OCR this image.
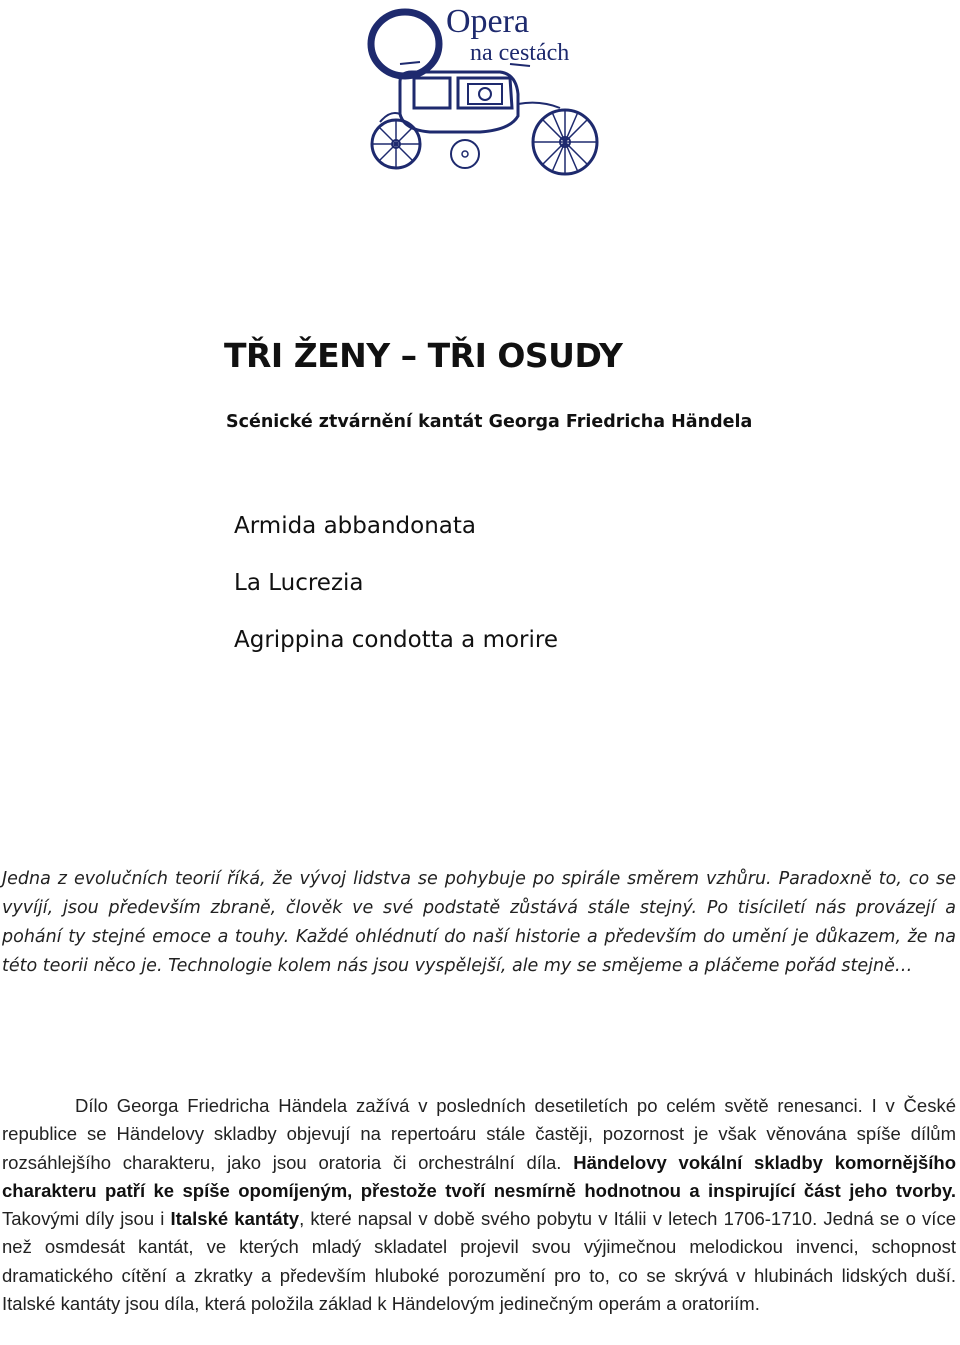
Opera
na cestách
TŘI ŽENY – TŘI OSUDY

Scénické ztvárnění kantát Georga Friedricha Händela

Armida abbandonata
La Lucrezia
Agrippina condotta a morire

Jedna z evolučních teorií říká, že vývoj lidstva se pohybuje po spirále směrem vzhůru. Paradoxně to, co se vyvíjí, jsou především zbraně, člověk ve své podstatě zůstává stále stejný. Po tisíciletí nás provázejí a pohání ty stejné emoce a touhy. Každé ohlédnutí do naší historie a především do umění je důkazem, že na této teorii něco je. Technologie kolem nás jsou vyspělejší, ale my se smějeme a pláčeme pořád stejně…

Dílo Georga Friedricha Händela zažívá v posledních desetiletích po celém světě renesanci. I v České republice se Händelovy skladby objevují na repertoáru stále častěji, pozornost je však věnována spíše dílům rozsáhlejšího charakteru, jako jsou oratoria či orchestrální díla. Händelovy vokální skladby komornějšího charakteru patří ke spíše opomíjeným, přestože tvoří nesmírně hodnotnou a inspirující část jeho tvorby. Takovými díly jsou i Italské kantáty, které napsal v době svého pobytu v Itálii v letech 1706-1710. Jedná se o více než osmdesát kantát, ve kterých mladý skladatel projevil svou výjimečnou melodickou invenci, schopnost dramatického cítění a zkratky a především hluboké porozumění pro to, co se skrývá v hlubinách lidských duší. Italské kantáty jsou díla, která položila základ k Händelovým jedinečným operám a oratoriím.
